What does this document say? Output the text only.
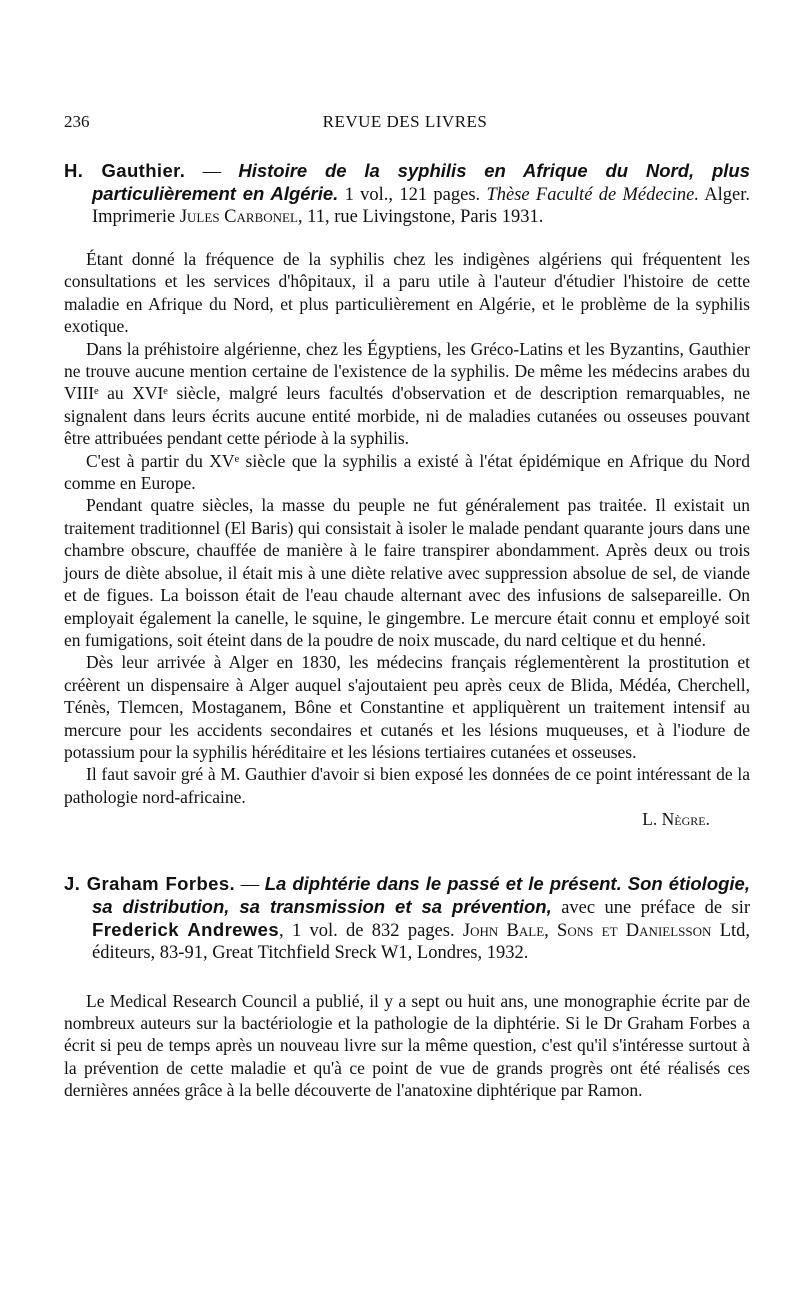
236	REVUE DES LIVRES
H. Gauthier. — Histoire de la syphilis en Afrique du Nord, plus particulièrement en Algérie. 1 vol., 121 pages. Thèse Faculté de Médecine. Alger. Imprimerie Jules Carbonel, 11, rue Livingstone, Paris 1931.

Étant donné la fréquence de la syphilis chez les indigènes algériens qui fréquentent les consultations et les services d'hôpitaux, il a paru utile à l'auteur d'étudier l'histoire de cette maladie en Afrique du Nord, et plus particulièrement en Algérie, et le problème de la syphilis exotique.

Dans la préhistoire algérienne, chez les Égyptiens, les Gréco-Latins et les Byzantins, Gauthier ne trouve aucune mention certaine de l'existence de la syphilis. De même les médecins arabes du VIIIᵉ au XVIᵉ siècle, malgré leurs facultés d'observation et de description remarquables, ne signalent dans leurs écrits aucune entité morbide, ni de maladies cutanées ou osseuses pouvant être attribuées pendant cette période à la syphilis.

C'est à partir du XVᵉ siècle que la syphilis a existé à l'état épidémique en Afrique du Nord comme en Europe.

Pendant quatre siècles, la masse du peuple ne fut généralement pas traitée. Il existait un traitement traditionnel (El Baris) qui consistait à isoler le malade pendant quarante jours dans une chambre obscure, chauffée de manière à le faire transpirer abondamment. Après deux ou trois jours de diète absolue, il était mis à une diète relative avec suppression absolue de sel, de viande et de figues. La boisson était de l'eau chaude alternant avec des infusions de salsepareille. On employait également la canelle, le squine, le gingembre. Le mercure était connu et employé soit en fumigations, soit éteint dans de la poudre de noix muscade, du nard celtique et du henné.

Dès leur arrivée à Alger en 1830, les médecins français réglementèrent la prostitution et créèrent un dispensaire à Alger auquel s'ajoutaient peu après ceux de Blida, Médéa, Cherchell, Ténès, Tlemcen, Mostaganem, Bône et Constantine et appliquèrent un traitement intensif au mercure pour les accidents secondaires et cutanés et les lésions muqueuses, et à l'iodure de potassium pour la syphilis héréditaire et les lésions tertiaires cutanées et osseuses.

Il faut savoir gré à M. Gauthier d'avoir si bien exposé les données de ce point intéressant de la pathologie nord-africaine.

L. Nègre.

J. Graham Forbes. — La diphtérie dans le passé et le présent. Son étiologie, sa distribution, sa transmission et sa prévention, avec une préface de sir Frederick Andrewes, 1 vol. de 832 pages. John Bale, Sons et Danielsson Ltd, éditeurs, 83-91, Great Titchfield Sreck W1, Londres, 1932.

Le Medical Research Council a publié, il y a sept ou huit ans, une monographie écrite par de nombreux auteurs sur la bactériologie et la pathologie de la diphtérie. Si le Dr Graham Forbes a écrit si peu de temps après un nouveau livre sur la même question, c'est qu'il s'intéresse surtout à la prévention de cette maladie et qu'à ce point de vue de grands progrès ont été réalisés ces dernières années grâce à la belle découverte de l'anatoxine diphtérique par Ramon.
